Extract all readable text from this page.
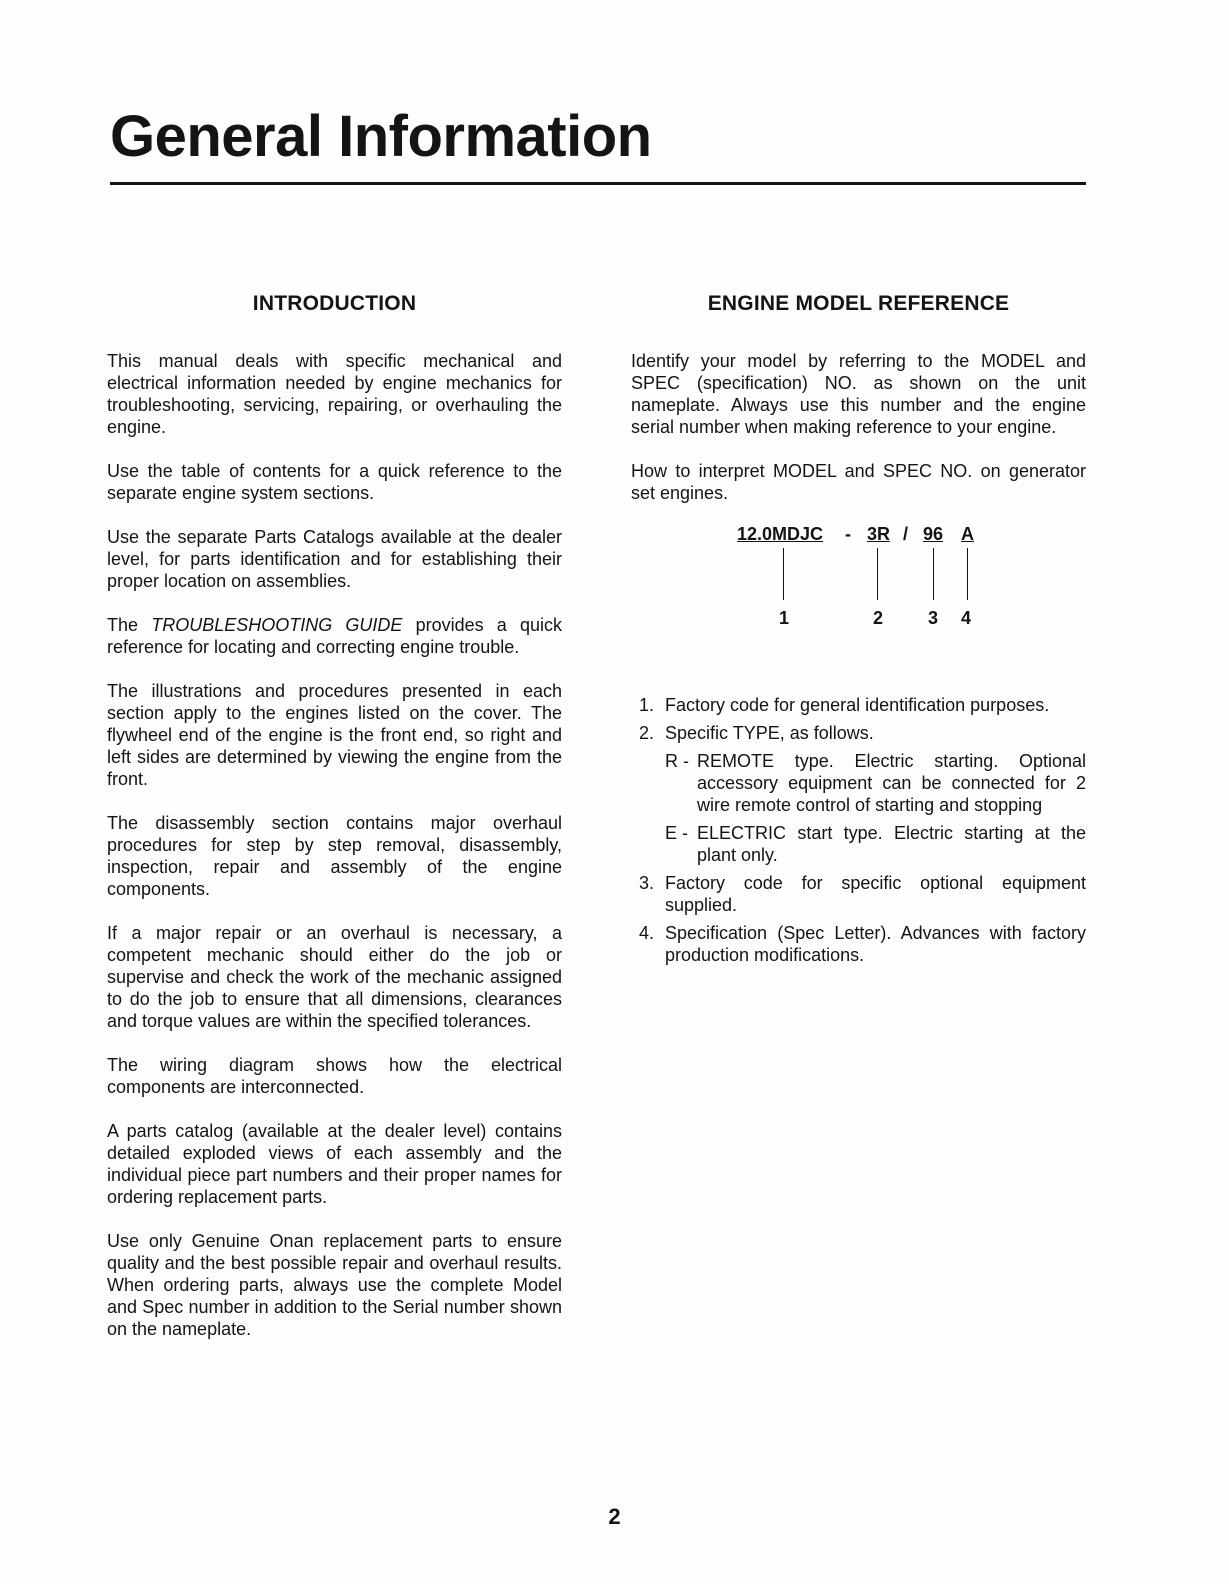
General Information
INTRODUCTION

This manual deals with specific mechanical and electrical information needed by engine mechanics for troubleshooting, servicing, repairing, or overhauling the engine.

Use the table of contents for a quick reference to the separate engine system sections.

Use the separate Parts Catalogs available at the dealer level, for parts identification and for establishing their proper location on assemblies.

The TROUBLESHOOTING GUIDE provides a quick reference for locating and correcting engine trouble.

The illustrations and procedures presented in each section apply to the engines listed on the cover. The flywheel end of the engine is the front end, so right and left sides are determined by viewing the engine from the front.

The disassembly section contains major overhaul procedures for step by step removal, disassembly, inspection, repair and assembly of the engine components.

If a major repair or an overhaul is necessary, a competent mechanic should either do the job or supervise and check the work of the mechanic assigned to do the job to ensure that all dimensions, clearances and torque values are within the specified tolerances.

The wiring diagram shows how the electrical components are interconnected.

A parts catalog (available at the dealer level) contains detailed exploded views of each assembly and the individual piece part numbers and their proper names for ordering replacement parts.

Use only Genuine Onan replacement parts to ensure quality and the best possible repair and overhaul results. When ordering parts, always use the complete Model and Spec number in addition to the Serial number shown on the nameplate.

ENGINE MODEL REFERENCE

Identify your model by referring to the MODEL and SPEC (specification) NO. as shown on the unit nameplate. Always use this number and the engine serial number when making reference to your engine.

How to interpret MODEL and SPEC NO. on generator set engines.

12.0MDJC - 3R / 96 A
1	2 3 4
1. Factory code for general identification purposes.
2. Specific TYPE, as follows.
R - REMOTE type. Electric starting. Optional accessory equipment can be connected for 2 wire remote control of starting and stopping
E - ELECTRIC start type. Electric starting at the plant only.
3. Factory code for specific optional equipment supplied.
4. Specification (Spec Letter). Advances with factory production modifications.
2
